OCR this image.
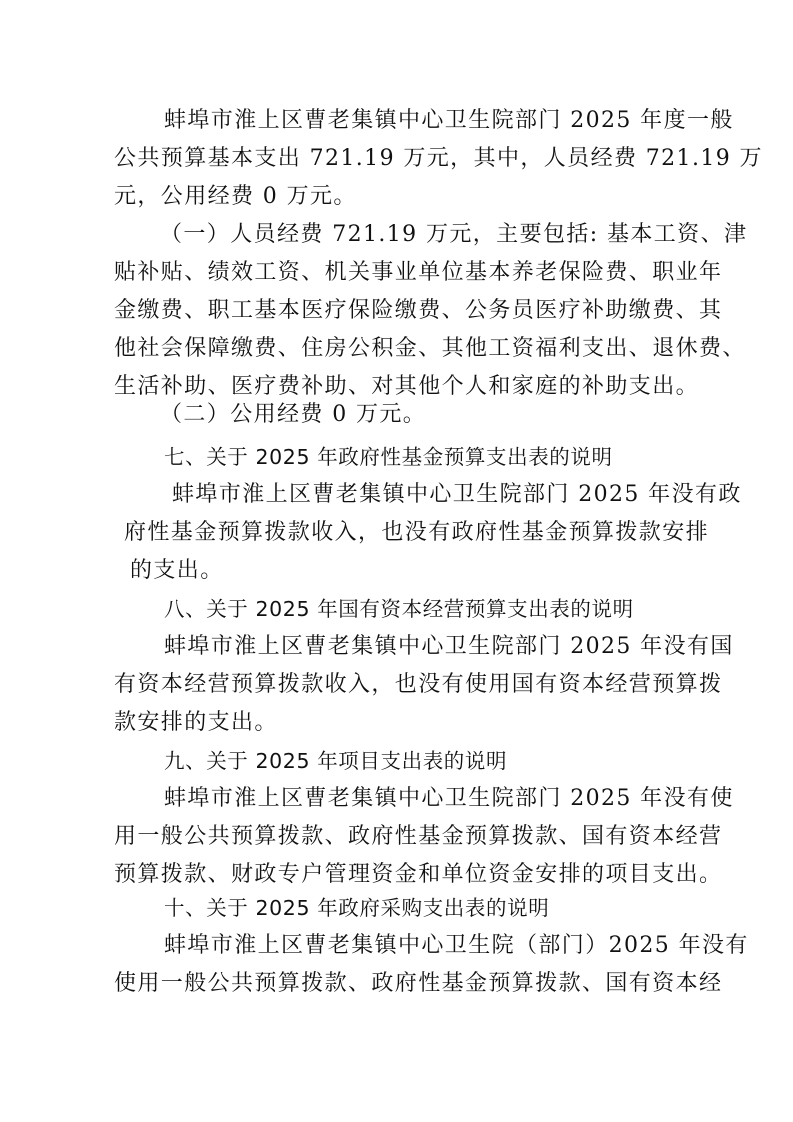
蚌埠市淮上区曹老集镇中心卫生院部门 2025 年度一般
公共预算基本支出 721.19 万元，其中，人员经费 721.19 万
元，公用经费 0 万元。
（一）人员经费 721.19 万元，主要包括: 基本工资、津
贴补贴、绩效工资、机关事业单位基本养老保险费、职业年
金缴费、职工基本医疗保险缴费、公务员医疗补助缴费、其
他社会保障缴费、住房公积金、其他工资福利支出、退休费、
生活补助、医疗费补助、对其他个人和家庭的补助支出。
（二）公用经费 0 万元。
七、关于 2025 年政府性基金预算支出表的说明
蚌埠市淮上区曹老集镇中心卫生院部门 2025 年没有政
府性基金预算拨款收入，也没有政府性基金预算拨款安排
的支出。
八、关于 2025 年国有资本经营预算支出表的说明
蚌埠市淮上区曹老集镇中心卫生院部门 2025 年没有国
有资本经营预算拨款收入，也没有使用国有资本经营预算拨
款安排的支出。
九、关于 2025 年项目支出表的说明
蚌埠市淮上区曹老集镇中心卫生院部门 2025 年没有使
用一般公共预算拨款、政府性基金预算拨款、国有资本经营
预算拨款、财政专户管理资金和单位资金安排的项目支出。
十、关于 2025 年政府采购支出表的说明
蚌埠市淮上区曹老集镇中心卫生院（部门）2025 年没有
使用一般公共预算拨款、政府性基金预算拨款、国有资本经
